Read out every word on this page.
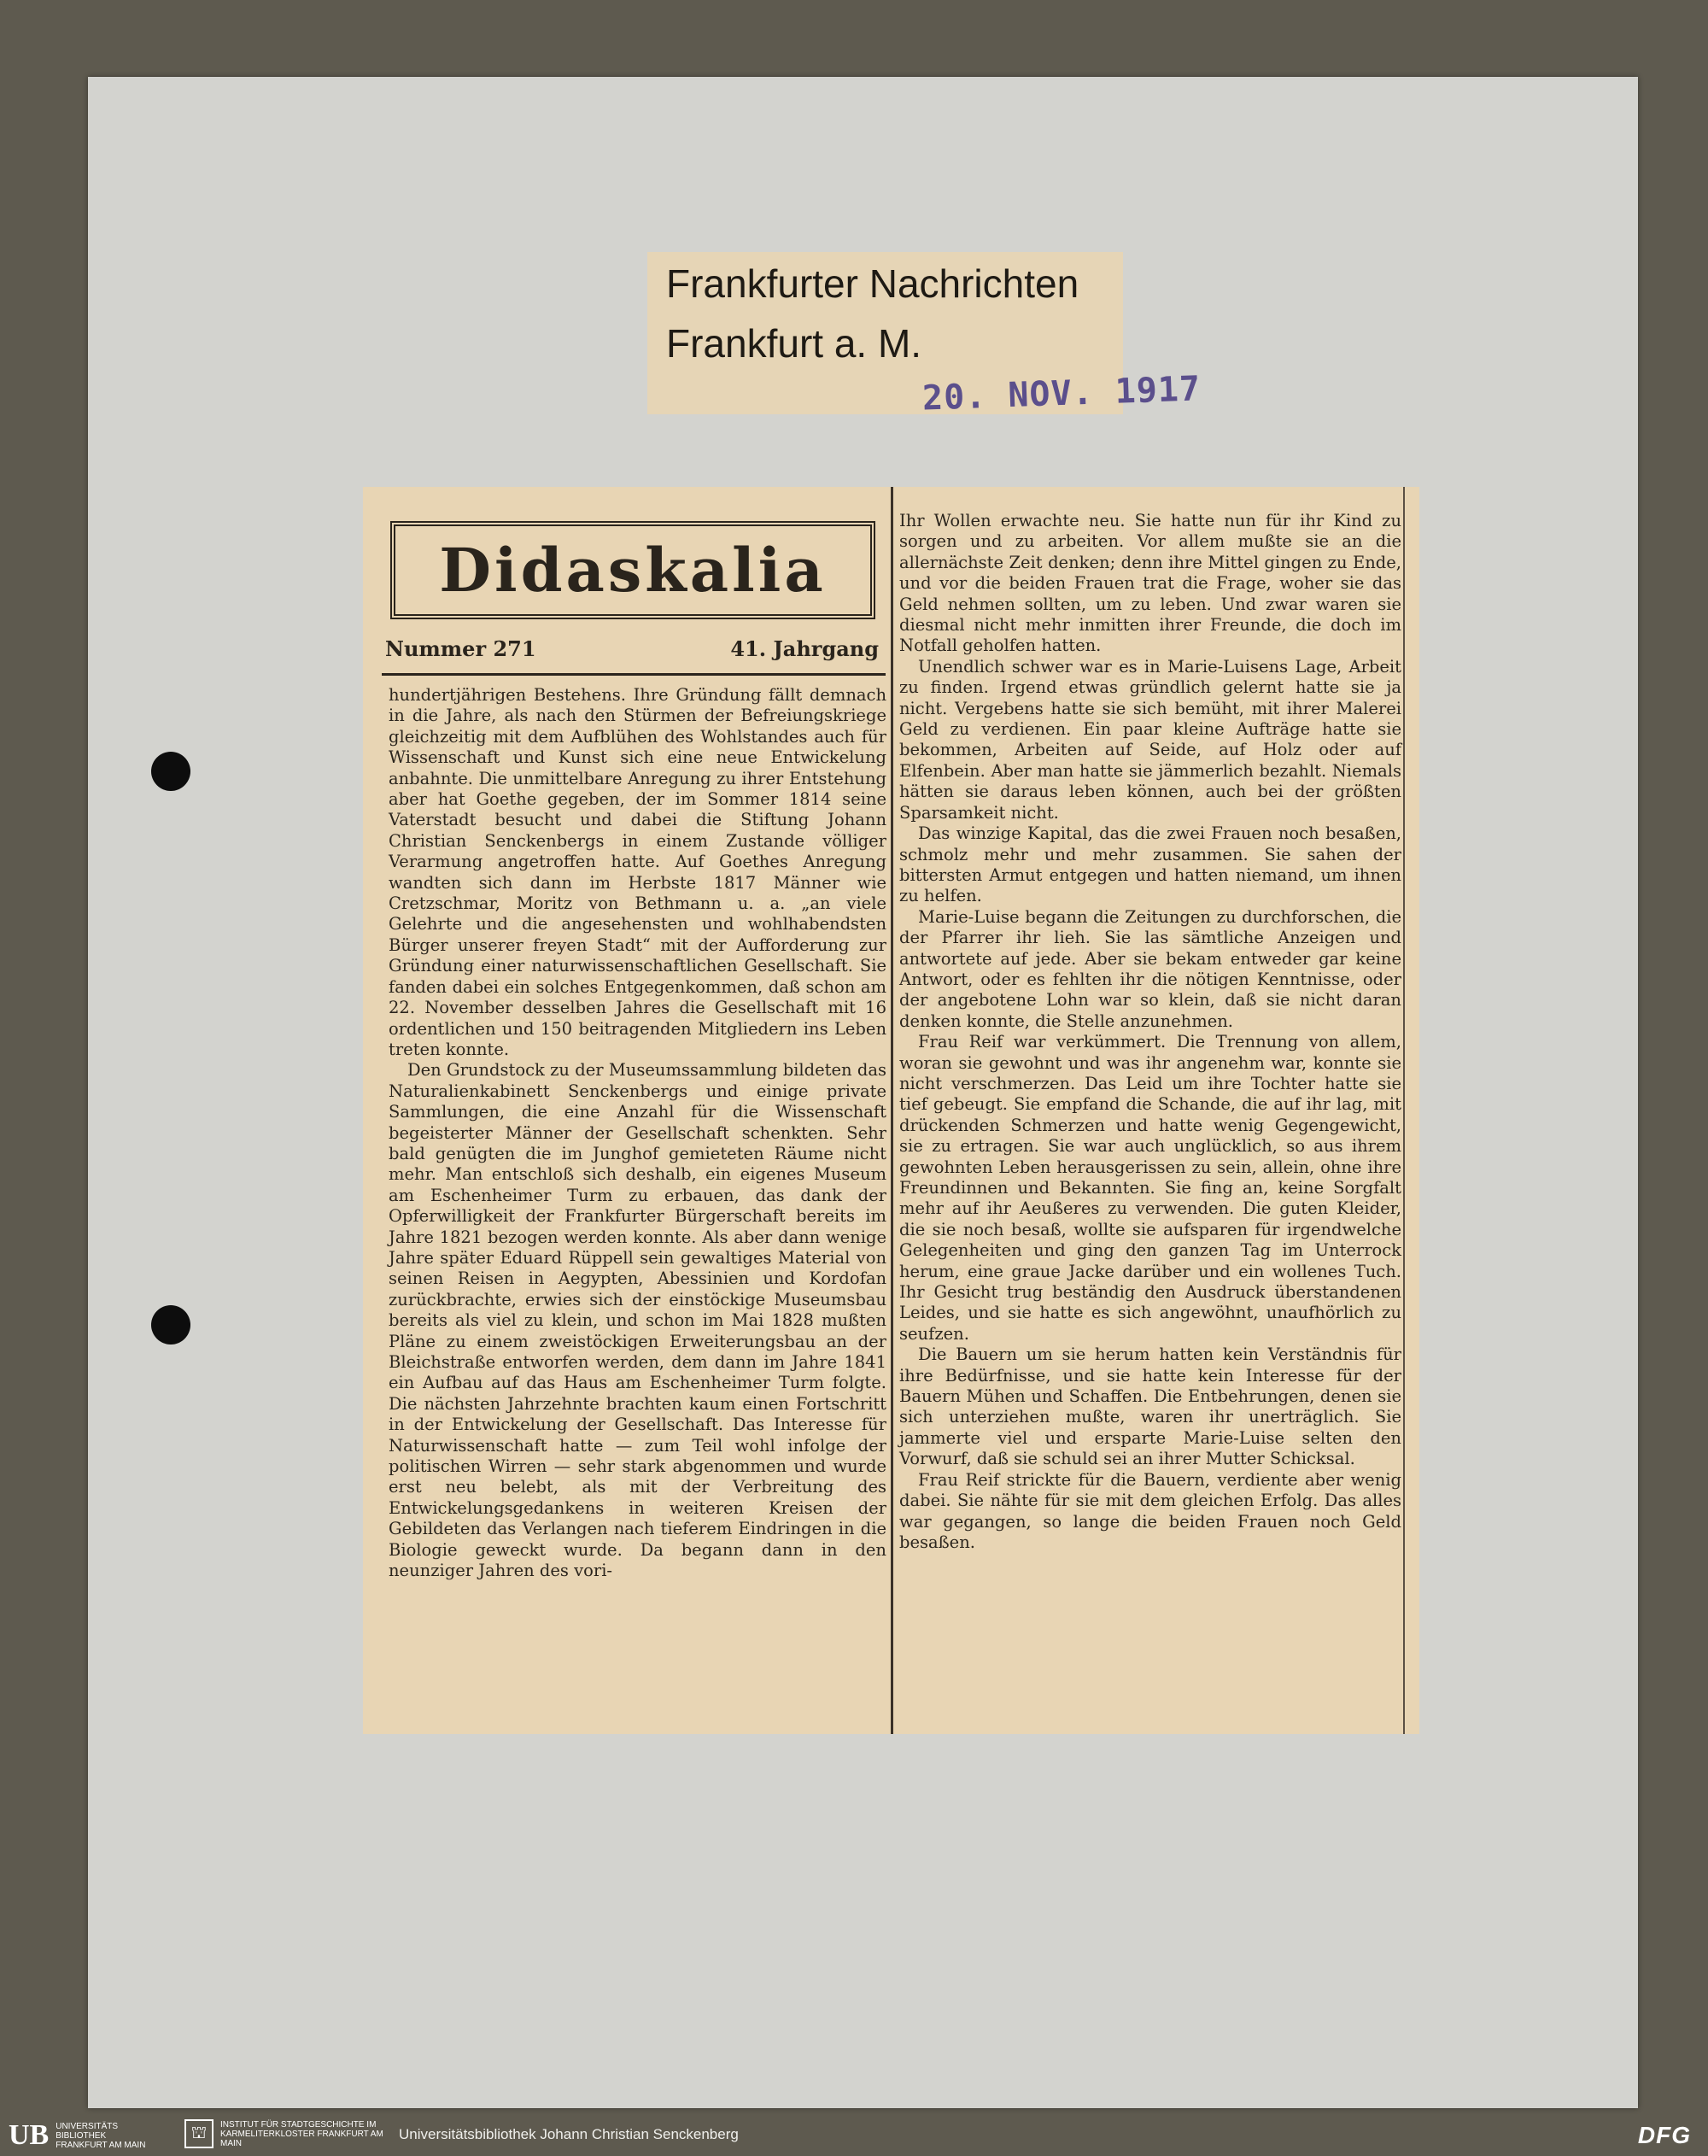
Frankfurter Nachrichten
Frankfurt a. M.
20. NOV. 1917
Didaskalia
Nummer 271	41. Jahrgang

hundertjährigen Bestehens. Ihre Gründung fällt demnach in die Jahre, als nach den Stürmen der Befreiungskriege gleichzeitig mit dem Aufblühen des Wohlstandes auch für Wissenschaft und Kunst sich eine neue Entwickelung anbahnte. Die unmittelbare Anregung zu ihrer Entstehung aber hat Goethe gegeben, der im Sommer 1814 seine Vaterstadt besucht und dabei die Stiftung Johann Christian Senckenbergs in einem Zustande völliger Verarmung angetroffen hatte. Auf Goethes Anregung wandten sich dann im Herbste 1817 Männer wie Cretzschmar, Moritz von Bethmann u. a. „an viele Gelehrte und die angesehensten und wohlhabendsten Bürger unserer freyen Stadt“ mit der Aufforderung zur Gründung einer naturwissenschaftlichen Gesellschaft. Sie fanden dabei ein solches Entgegenkommen, daß schon am 22. November desselben Jahres die Gesellschaft mit 16 ordentlichen und 150 beitragenden Mitgliedern ins Leben treten konnte.

Den Grundstock zu der Museumssammlung bildeten das Naturalienkabinett Senckenbergs und einige private Sammlungen, die eine Anzahl für die Wissenschaft begeisterter Männer der Gesellschaft schenkten. Sehr bald genügten die im Junghof gemieteten Räume nicht mehr. Man entschloß sich deshalb, ein eigenes Museum am Eschenheimer Turm zu erbauen, das dank der Opferwilligkeit der Frankfurter Bürgerschaft bereits im Jahre 1821 bezogen werden konnte. Als aber dann wenige Jahre später Eduard Rüppell sein gewaltiges Material von seinen Reisen in Aegypten, Abessinien und Kordofan zurückbrachte, erwies sich der einstöckige Museumsbau bereits als viel zu klein, und schon im Mai 1828 mußten Pläne zu einem zweistöckigen Erweiterungsbau an der Bleichstraße entworfen werden, dem dann im Jahre 1841 ein Aufbau auf das Haus am Eschenheimer Turm folgte. Die nächsten Jahrzehnte brachten kaum einen Fortschritt in der Entwickelung der Gesellschaft. Das Interesse für Naturwissenschaft hatte — zum Teil wohl infolge der politischen Wirren — sehr stark abgenommen und wurde erst neu belebt, als mit der Verbreitung des Entwickelungsgedankens in weiteren Kreisen der Gebildeten das Verlangen nach tieferem Eindringen in die Biologie geweckt wurde. Da begann dann in den neunziger Jahren des vori-

Ihr Wollen erwachte neu. Sie hatte nun für ihr Kind zu sorgen und zu arbeiten. Vor allem mußte sie an die allernächste Zeit denken; denn ihre Mittel gingen zu Ende, und vor die beiden Frauen trat die Frage, woher sie das Geld nehmen sollten, um zu leben. Und zwar waren sie diesmal nicht mehr inmitten ihrer Freunde, die doch im Notfall geholfen hatten.

Unendlich schwer war es in Marie-Luisens Lage, Arbeit zu finden. Irgend etwas gründlich gelernt hatte sie ja nicht. Vergebens hatte sie sich bemüht, mit ihrer Malerei Geld zu verdienen. Ein paar kleine Aufträge hatte sie bekommen, Arbeiten auf Seide, auf Holz oder auf Elfenbein. Aber man hatte sie jämmerlich bezahlt. Niemals hätten sie daraus leben können, auch bei der größten Sparsamkeit nicht.

Das winzige Kapital, das die zwei Frauen noch besaßen, schmolz mehr und mehr zusammen. Sie sahen der bittersten Armut entgegen und hatten niemand, um ihnen zu helfen.

Marie-Luise begann die Zeitungen zu durchforschen, die der Pfarrer ihr lieh. Sie las sämtliche Anzeigen und antwortete auf jede. Aber sie bekam entweder gar keine Antwort, oder es fehlten ihr die nötigen Kenntnisse, oder der angebotene Lohn war so klein, daß sie nicht daran denken konnte, die Stelle anzunehmen.

Frau Reif war verkümmert. Die Trennung von allem, woran sie gewohnt und was ihr angenehm war, konnte sie nicht verschmerzen. Das Leid um ihre Tochter hatte sie tief gebeugt. Sie empfand die Schande, die auf ihr lag, mit drückenden Schmerzen und hatte wenig Gegengewicht, sie zu ertragen. Sie war auch unglücklich, so aus ihrem gewohnten Leben herausgerissen zu sein, allein, ohne ihre Freundinnen und Bekannten. Sie fing an, keine Sorgfalt mehr auf ihr Aeußeres zu verwenden. Die guten Kleider, die sie noch besaß, wollte sie aufsparen für irgendwelche Gelegenheiten und ging den ganzen Tag im Unterrock herum, eine graue Jacke darüber und ein wollenes Tuch. Ihr Gesicht trug beständig den Ausdruck überstandenen Leides, und sie hatte es sich angewöhnt, unaufhörlich zu seufzen.

Die Bauern um sie herum hatten kein Verständnis für ihre Bedürfnisse, und sie hatte kein Interesse für der Bauern Mühen und Schaffen. Die Entbehrungen, denen sie sich unterziehen mußte, waren ihr unerträglich. Sie jammerte viel und ersparte Marie-Luise selten den Vorwurf, daß sie schuld sei an ihrer Mutter Schicksal.

Frau Reif strickte für die Bauern, verdiente aber wenig dabei. Sie nähte für sie mit dem gleichen Erfolg. Das alles war gegangen, so lange die beiden Frauen noch Geld besaßen.

UB UNIVERSITÄTS BIBLIOTHEK FRANKFURT AM MAIN
⛫	INSTITUT FÜR STADTGESCHICHTE IM KARMELITERKLOSTER FRANKFURT AM MAIN
Universitätsbibliothek Johann Christian Senckenberg	DFG
